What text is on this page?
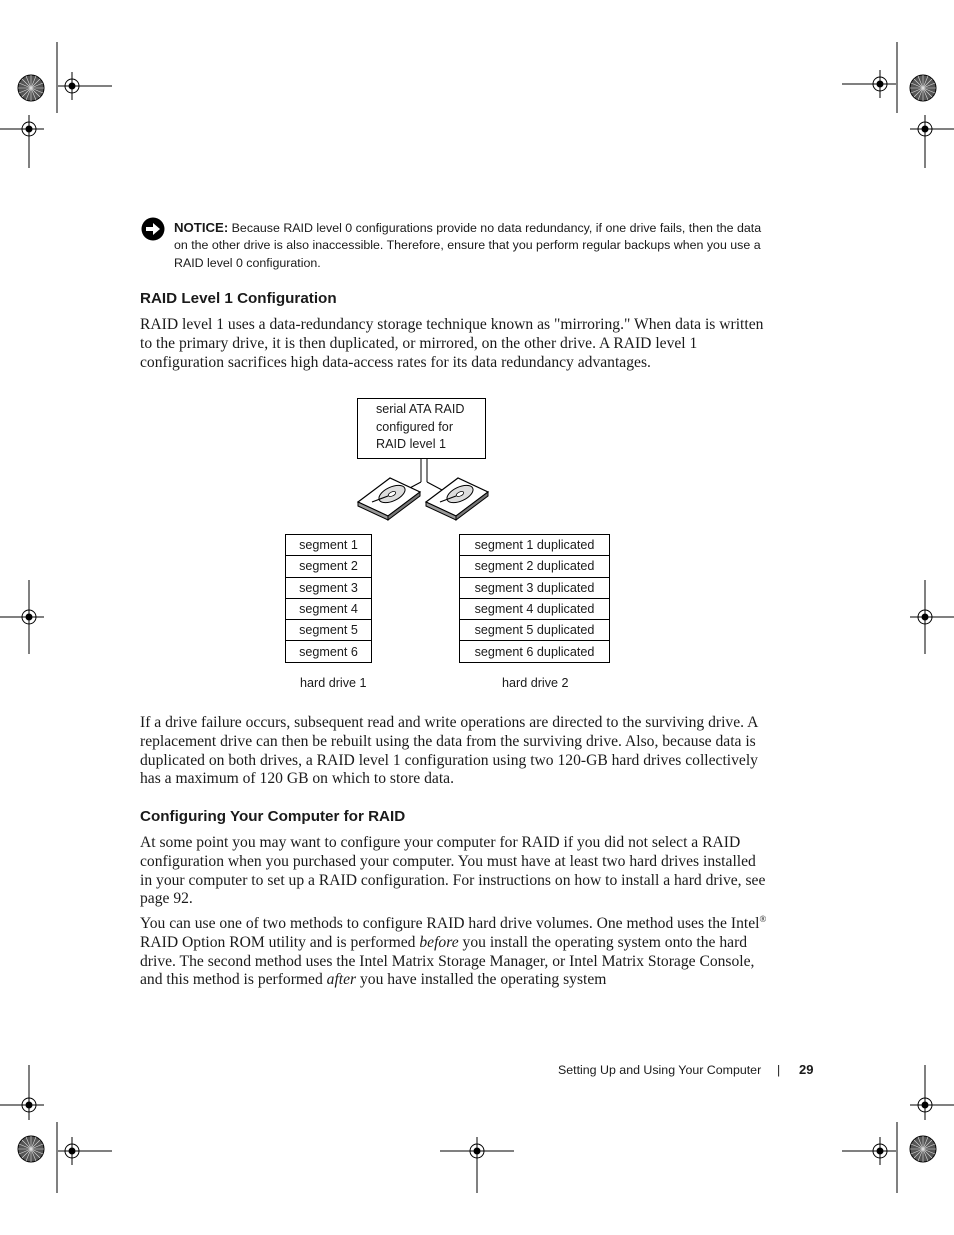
NOTICE: Because RAID level 0 configurations provide no data redundancy, if one drive fails, then the data on the other drive is also inaccessible. Therefore, ensure that you perform regular backups when you use a RAID level 0 configuration.
RAID Level 1 Configuration
RAID level 1 uses a data-redundancy storage technique known as "mirroring." When data is written to the primary drive, it is then duplicated, or mirrored, on the other drive. A RAID level 1 configuration sacrifices high data-access rates for its data redundancy advantages.
serial ATA RAID
configured for
RAID level 1
segment 1
segment 2
segment 3
segment 4
segment 5
segment 6
segment 1 duplicated
segment 2 duplicated
segment 3 duplicated
segment 4 duplicated
segment 5 duplicated
segment 6 duplicated
hard drive 1	hard drive 2
If a drive failure occurs, subsequent read and write operations are directed to the surviving drive. A replacement drive can then be rebuilt using the data from the surviving drive. Also, because data is duplicated on both drives, a RAID level 1 configuration using two 120-GB hard drives collectively has a maximum of 120 GB on which to store data.
Configuring Your Computer for RAID
At some point you may want to configure your computer for RAID if you did not select a RAID configuration when you purchased your computer. You must have at least two hard drives installed in your computer to set up a RAID configuration. For instructions on how to install a hard drive, see page 92.
You can use one of two methods to configure RAID hard drive volumes. One method uses the Intel® RAID Option ROM utility and is performed before you install the operating system onto the hard drive. The second method uses the Intel Matrix Storage Manager, or Intel Matrix Storage Console, and this method is performed after you have installed the operating system
Setting Up and Using Your Computer | 29
